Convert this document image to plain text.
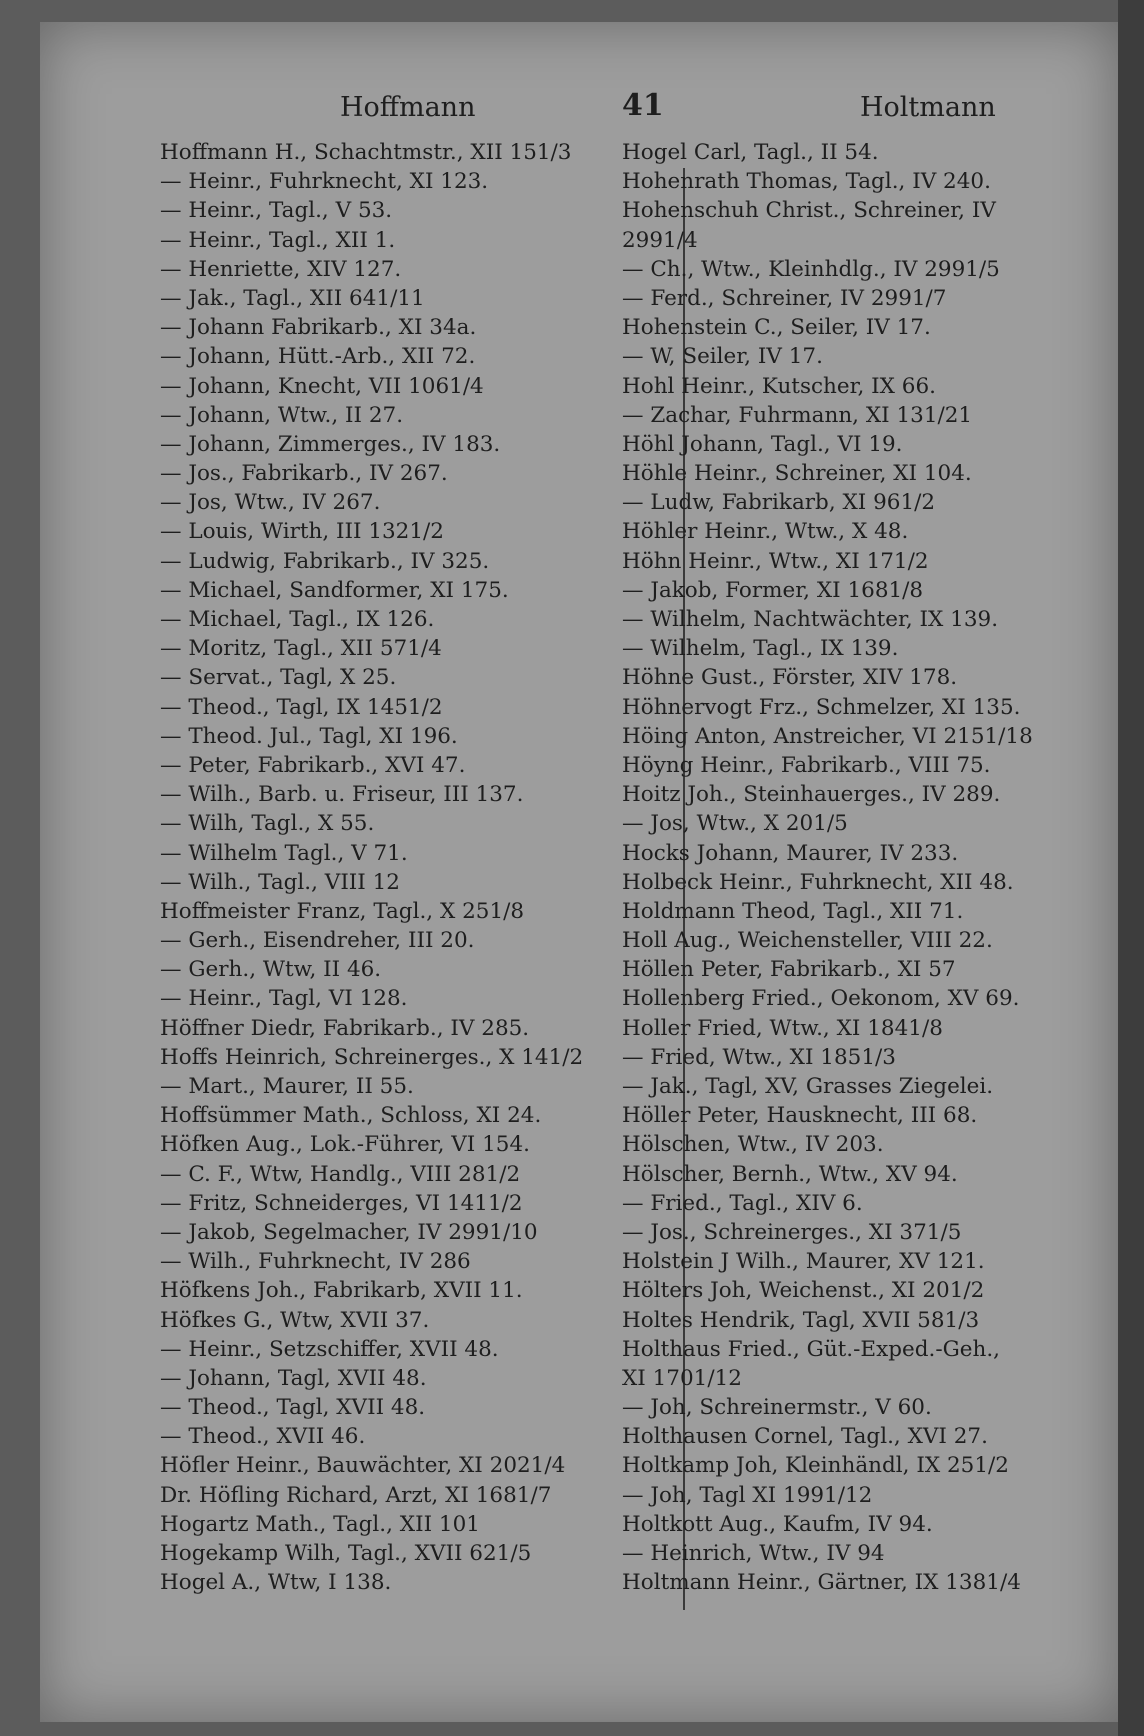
Hoffmann	41	Holtmann
Hoffmann H., Schachtmstr., XII 151/3
— Heinr., Fuhrknecht, XI 123.
— Heinr., Tagl., V 53.
— Heinr., Tagl., XII 1.
— Henriette, XIV 127.
— Jak., Tagl., XII 641/11
— Johann Fabrikarb., XI 34a.
— Johann, Hütt.-Arb., XII 72.
— Johann, Knecht, VII 1061/4
— Johann, Wtw., II 27.
— Johann, Zimmerges., IV 183.
— Jos., Fabrikarb., IV 267.
— Jos, Wtw., IV 267.
— Louis, Wirth, III 1321/2
— Ludwig, Fabrikarb., IV 325.
— Michael, Sandformer, XI 175.
— Michael, Tagl., IX 126.
— Moritz, Tagl., XII 571/4
— Servat., Tagl, X 25.
— Theod., Tagl, IX 1451/2
— Theod. Jul., Tagl, XI 196.
— Peter, Fabrikarb., XVI 47.
— Wilh., Barb. u. Friseur, III 137.
— Wilh, Tagl., X 55.
— Wilhelm Tagl., V 71.
— Wilh., Tagl., VIII 12
Hoffmeister Franz, Tagl., X 251/8
— Gerh., Eisendreher, III 20.
— Gerh., Wtw, II 46.
— Heinr., Tagl, VI 128.
Höffner Diedr, Fabrikarb., IV 285.
Hoffs Heinrich, Schreinerges., X 141/2
— Mart., Maurer, II 55.
Hoffsümmer Math., Schloss, XI 24.
Höfken Aug., Lok.-Führer, VI 154.
— C. F., Wtw, Handlg., VIII 281/2
— Fritz, Schneiderges, VI 1411/2
— Jakob, Segelmacher, IV 2991/10
— Wilh., Fuhrknecht, IV 286
Höfkens Joh., Fabrikarb, XVII 11.
Höfkes G., Wtw, XVII 37.
— Heinr., Setzschiffer, XVII 48.
— Johann, Tagl, XVII 48.
— Theod., Tagl, XVII 48.
— Theod., XVII 46.
Höfler Heinr., Bauwächter, XI 2021/4
Dr. Höfling Richard, Arzt, XI 1681/7
Hogartz Math., Tagl., XII 101
Hogekamp Wilh, Tagl., XVII 621/5
Hogel A., Wtw, I 138.
Hogel Carl, Tagl., II 54.
Hohenrath Thomas, Tagl., IV 240.
Hohenschuh Christ., Schreiner, IV
2991/4
— Ch., Wtw., Kleinhdlg., IV 2991/5
— Ferd., Schreiner, IV 2991/7
Hohenstein C., Seiler, IV 17.
— W, Seiler, IV 17.
Hohl Heinr., Kutscher, IX 66.
— Zachar, Fuhrmann, XI 131/21
Höhl Johann, Tagl., VI 19.
Höhle Heinr., Schreiner, XI 104.
— Ludw, Fabrikarb, XI 961/2
Höhler Heinr., Wtw., X 48.
Höhn Heinr., Wtw., XI 171/2
— Jakob, Former, XI 1681/8
— Wilhelm, Nachtwächter, IX 139.
— Wilhelm, Tagl., IX 139.
Höhne Gust., Förster, XIV 178.
Höhnervogt Frz., Schmelzer, XI 135.
Höing Anton, Anstreicher, VI 2151/18
Höyng Heinr., Fabrikarb., VIII 75.
Hoitz Joh., Steinhauerges., IV 289.
— Jos, Wtw., X 201/5
Hocks Johann, Maurer, IV 233.
Holbeck Heinr., Fuhrknecht, XII 48.
Holdmann Theod, Tagl., XII 71.
Holl Aug., Weichensteller, VIII 22.
Höllen Peter, Fabrikarb., XI 57
Hollenberg Fried., Oekonom, XV 69.
Holler Fried, Wtw., XI 1841/8
— Fried, Wtw., XI 1851/3
— Jak., Tagl, XV, Grasses Ziegelei.
Höller Peter, Hausknecht, III 68.
Hölschen, Wtw., IV 203.
Hölscher, Bernh., Wtw., XV 94.
— Fried., Tagl., XIV 6.
— Jos., Schreinerges., XI 371/5
Holstein J Wilh., Maurer, XV 121.
Hölters Joh, Weichenst., XI 201/2
Holtes Hendrik, Tagl, XVII 581/3
Holthaus Fried., Güt.-Exped.-Geh.,
XI 1701/12
— Joh, Schreinermstr., V 60.
Holthausen Cornel, Tagl., XVI 27.
Holtkamp Joh, Kleinhändl, IX 251/2
— Joh, Tagl XI 1991/12
Holtkott Aug., Kaufm, IV 94.
— Heinrich, Wtw., IV 94
Holtmann Heinr., Gärtner, IX 1381/4
